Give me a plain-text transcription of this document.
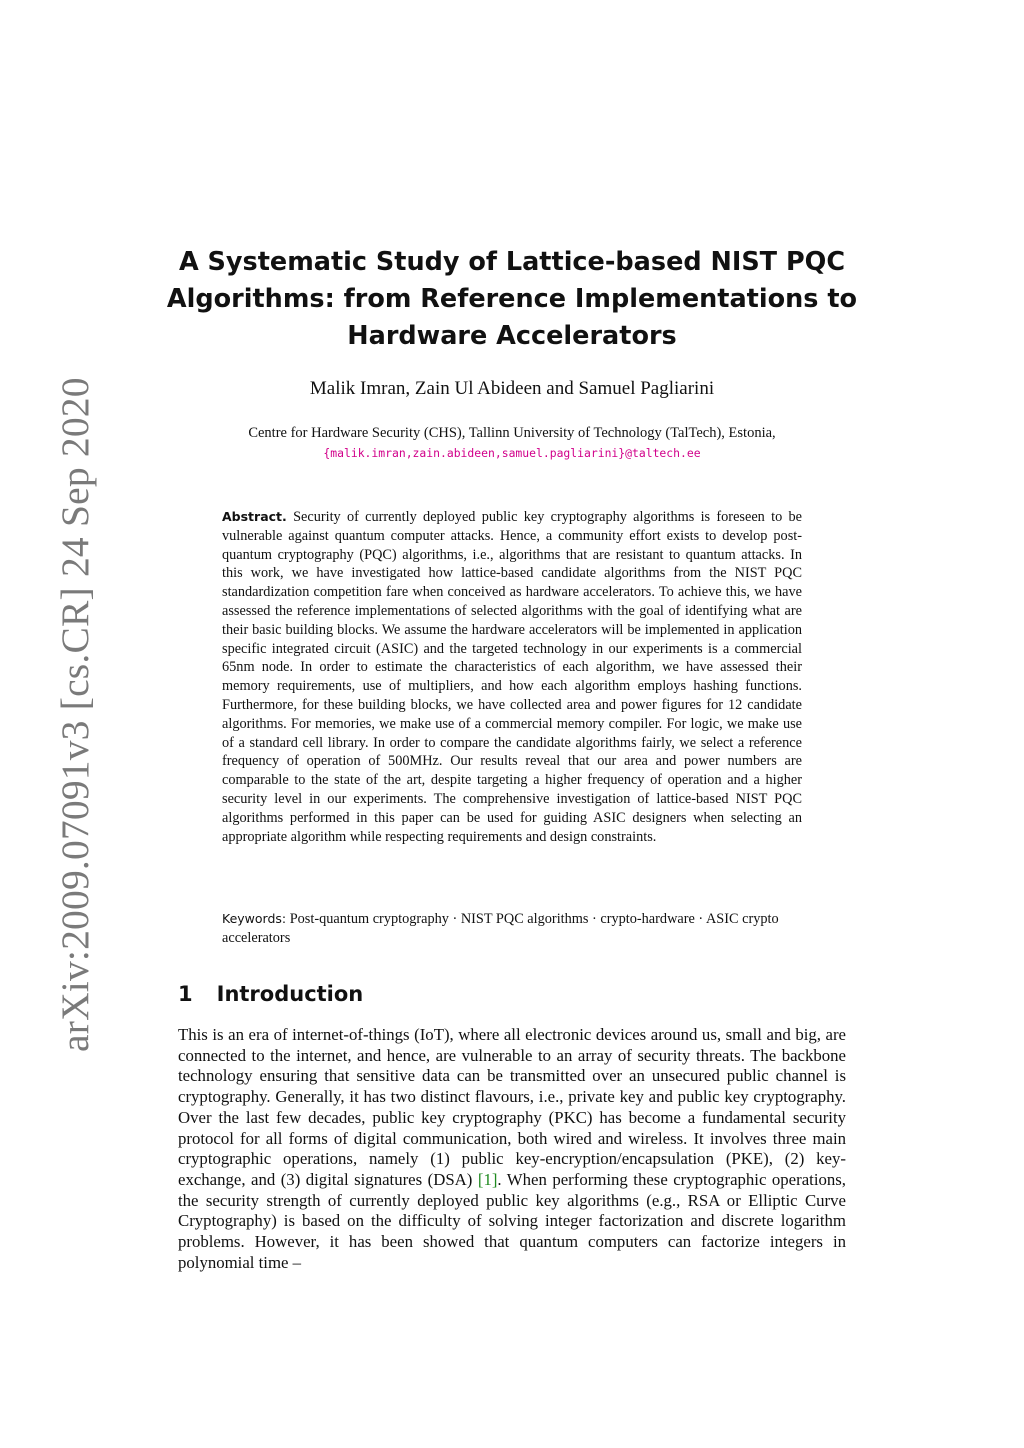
arXiv:2009.07091v3 [cs.CR] 24 Sep 2020
A Systematic Study of Lattice-based NIST PQC Algorithms: from Reference Implementations to Hardware Accelerators
Malik Imran, Zain Ul Abideen and Samuel Pagliarini
Centre for Hardware Security (CHS), Tallinn University of Technology (TalTech), Estonia,
{malik.imran,zain.abideen,samuel.pagliarini}@taltech.ee

Abstract. Security of currently deployed public key cryptography algorithms is foreseen to be vulnerable against quantum computer attacks. Hence, a community effort exists to develop post-quantum cryptography (PQC) algorithms, i.e., algorithms that are resistant to quantum attacks. In this work, we have investigated how lattice-based candidate algorithms from the NIST PQC standardization competition fare when conceived as hardware accelerators. To achieve this, we have assessed the reference implementations of selected algorithms with the goal of identifying what are their basic building blocks. We assume the hardware accelerators will be implemented in application specific integrated circuit (ASIC) and the targeted technology in our experiments is a commercial 65nm node. In order to estimate the characteristics of each algorithm, we have assessed their memory requirements, use of multipliers, and how each algorithm employs hashing functions. Furthermore, for these building blocks, we have collected area and power figures for 12 candidate algorithms. For memories, we make use of a commercial memory compiler. For logic, we make use of a standard cell library. In order to compare the candidate algorithms fairly, we select a reference frequency of operation of 500MHz. Our results reveal that our area and power numbers are comparable to the state of the art, despite targeting a higher frequency of operation and a higher security level in our experiments. The comprehensive investigation of lattice-based NIST PQC algorithms performed in this paper can be used for guiding ASIC designers when selecting an appropriate algorithm while respecting requirements and design constraints.

Keywords: Post-quantum cryptography · NIST PQC algorithms · crypto-hardware · ASIC crypto accelerators

1 Introduction

This is an era of internet-of-things (IoT), where all electronic devices around us, small and big, are connected to the internet, and hence, are vulnerable to an array of security threats. The backbone technology ensuring that sensitive data can be transmitted over an unsecured public channel is cryptography. Generally, it has two distinct flavours, i.e., private key and public key cryptography. Over the last few decades, public key cryptography (PKC) has become a fundamental security protocol for all forms of digital communication, both wired and wireless. It involves three main cryptographic operations, namely (1) public key-encryption/encapsulation (PKE), (2) key-exchange, and (3) digital signatures (DSA) [1]. When performing these cryptographic operations, the security strength of currently deployed public key algorithms (e.g., RSA or Elliptic Curve Cryptography) is based on the difficulty of solving integer factorization and discrete logarithm problems. However, it has been showed that quantum computers can factorize integers in polynomial time –
